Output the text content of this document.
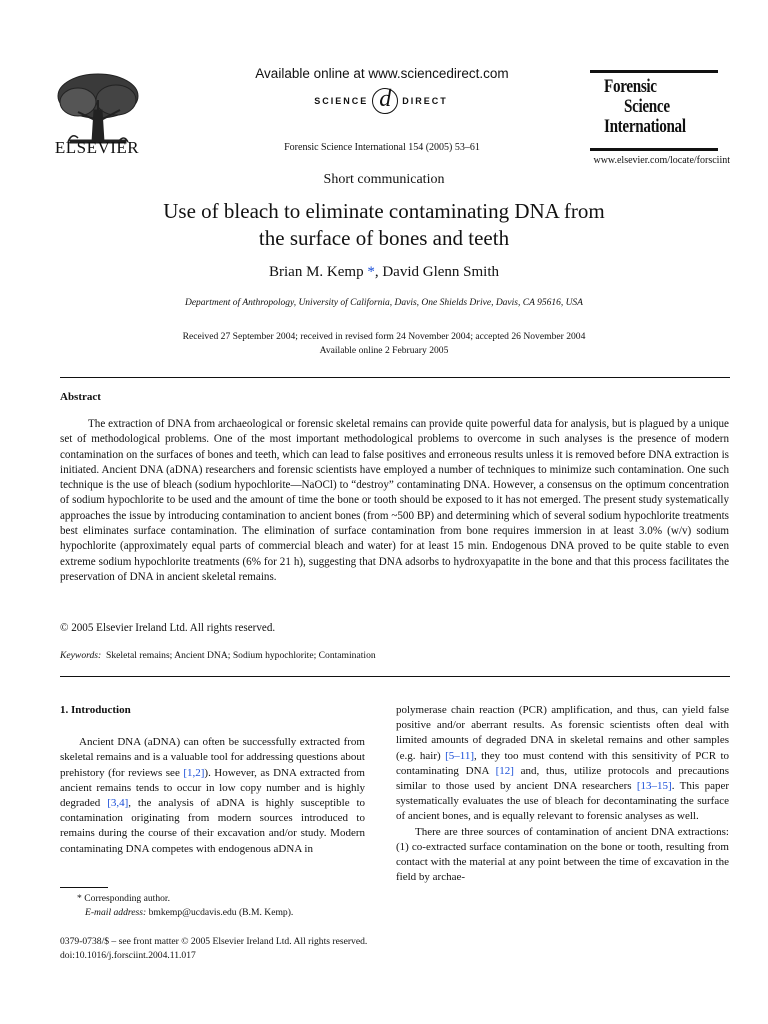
ELSEVIER
Available online at www.sciencedirect.com
SCIENCE
d	DIRECT
Forensic Science International 154 (2005) 53–61
Forensic
Science
International
www.elsevier.com/locate/forsciint
Short communication
Use of bleach to eliminate contaminating DNA from
the surface of bones and teeth
Brian M. Kemp *, David Glenn Smith
Department of Anthropology, University of California, Davis, One Shields Drive, Davis, CA 95616, USA
Received 27 September 2004; received in revised form 24 November 2004; accepted 26 November 2004
Available online 2 February 2005
Abstract

The extraction of DNA from archaeological or forensic skeletal remains can provide quite powerful data for analysis, but is plagued by a unique set of methodological problems. One of the most important methodological problems to overcome in such analyses is the presence of modern contamination on the surfaces of bones and teeth, which can lead to false positives and erroneous results unless it is removed before DNA extraction is initiated. Ancient DNA (aDNA) researchers and forensic scientists have employed a number of techniques to minimize such contamination. One such technique is the use of bleach (sodium hypochlorite—NaOCl) to “destroy” contaminating DNA. However, a consensus on the optimum concentration of sodium hypochlorite to be used and the amount of time the bone or tooth should be exposed to it has not emerged. The present study systematically approaches the issue by introducing contamination to ancient bones (from ~500 BP) and determining which of several sodium hypochlorite treatments best eliminates surface contamination. The elimination of surface contamination from bone requires immersion in at least 3.0% (w/v) sodium hypochlorite (approximately equal parts of commercial bleach and water) for at least 15 min. Endogenous DNA proved to be quite stable to even extreme sodium hypochlorite treatments (6% for 21 h), suggesting that DNA adsorbs to hydroxyapatite in the bone and that this process facilitates the preservation of DNA in ancient skeletal remains.

© 2005 Elsevier Ireland Ltd. All rights reserved.
Keywords: Skeletal remains; Ancient DNA; Sodium hypochlorite; Contamination
1. Introduction

Ancient DNA (aDNA) can often be successfully extracted from skeletal remains and is a valuable tool for addressing questions about prehistory (for reviews see [1,2]). However, as DNA extracted from ancient remains tends to occur in low copy number and is highly degraded [3,4], the analysis of aDNA is highly susceptible to contamination originating from modern sources introduced to remains during the course of their excavation and/or study. Modern contaminating DNA competes with endogenous aDNA in

* Corresponding author.
E-mail address: bmkemp@ucdavis.edu (B.M. Kemp).

polymerase chain reaction (PCR) amplification, and thus, can yield false positive and/or aberrant results. As forensic scientists often deal with limited amounts of degraded DNA in skeletal remains and other samples (e.g. hair) [5–11], they too must contend with this sensitivity of PCR to contaminating DNA [12] and, thus, utilize protocols and precautions similar to those used by ancient DNA researchers [13–15]. This paper systematically evaluates the use of bleach for decontaminating the surface of ancient bones, and is equally relevant to forensic analyses as well.

There are three sources of contamination of ancient DNA extractions: (1) co-extracted surface contamination on the bone or tooth, resulting from contact with the material at any point between the time of excavation in the field by archae-

0379-0738/$ – see front matter © 2005 Elsevier Ireland Ltd. All rights reserved.
doi:10.1016/j.forsciint.2004.11.017
